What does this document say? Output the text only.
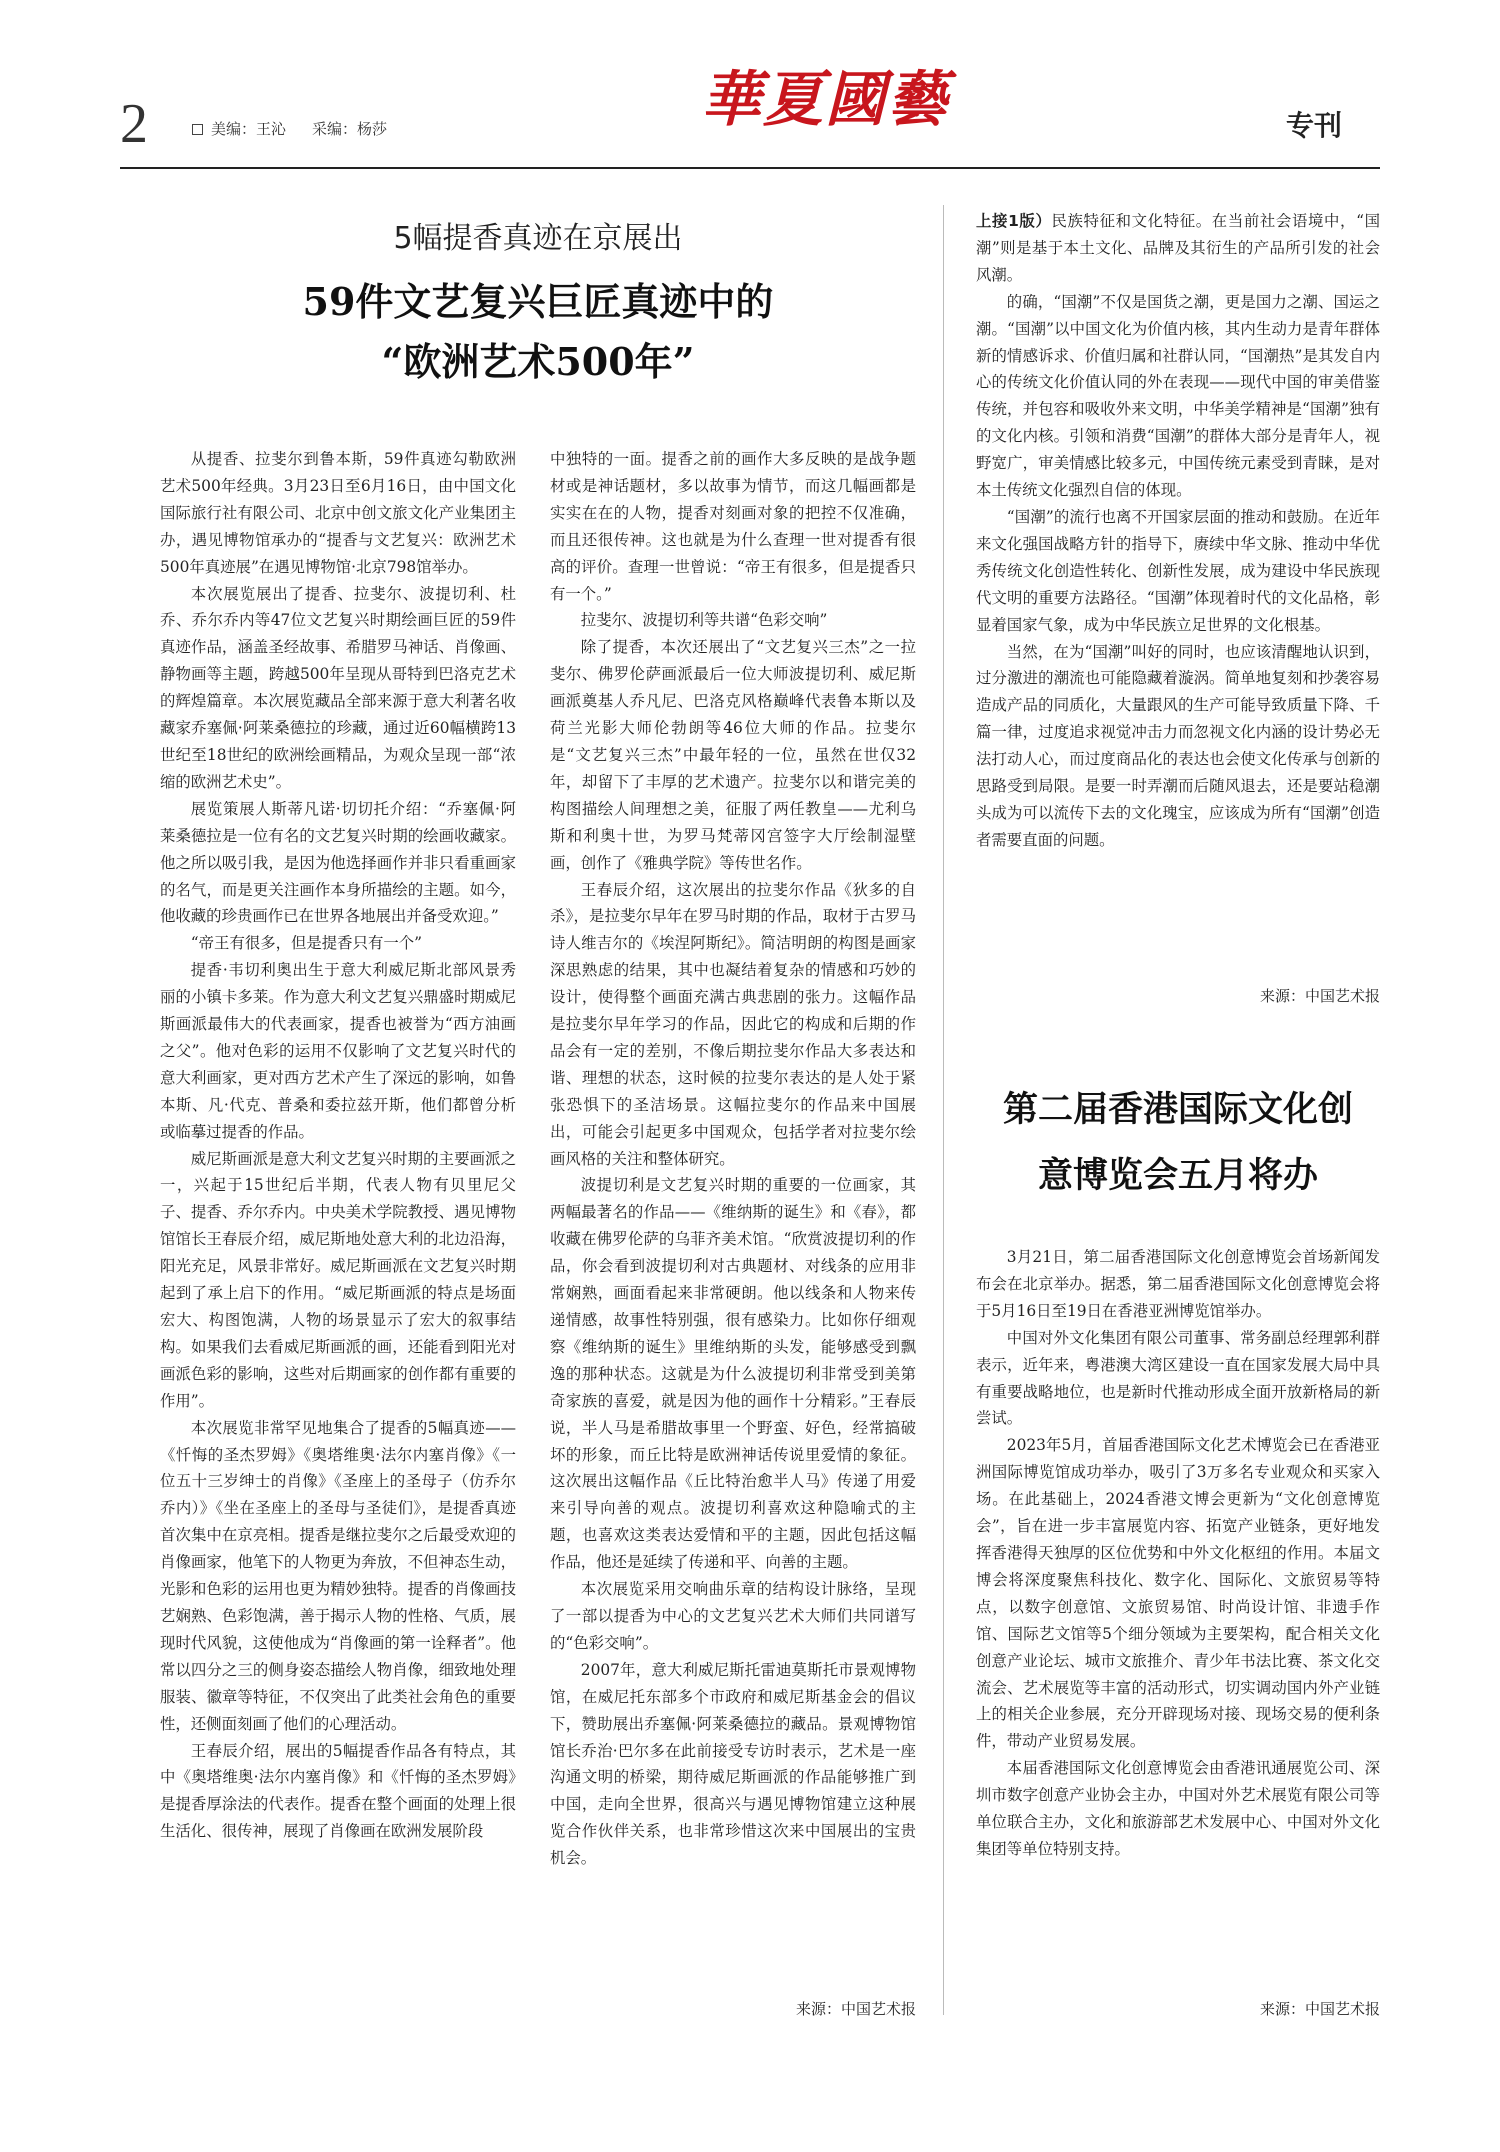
2	美编：王沁 采编：杨莎	華夏國藝	专刊
5幅提香真迹在京展出
59件文艺复兴巨匠真迹中的
“欧洲艺术500年”

从提香、拉斐尔到鲁本斯，59件真迹勾勒欧洲艺术500年经典。3月23日至6月16日，由中国文化国际旅行社有限公司、北京中创文旅文化产业集团主办，遇见博物馆承办的“提香与文艺复兴：欧洲艺术500年真迹展”在遇见博物馆·北京798馆举办。

本次展览展出了提香、拉斐尔、波提切利、杜乔、乔尔乔内等47位文艺复兴时期绘画巨匠的59件真迹作品，涵盖圣经故事、希腊罗马神话、肖像画、静物画等主题，跨越500年呈现从哥特到巴洛克艺术的辉煌篇章。本次展览藏品全部来源于意大利著名收藏家乔塞佩·阿莱桑德拉的珍藏，通过近60幅横跨13世纪至18世纪的欧洲绘画精品，为观众呈现一部“浓缩的欧洲艺术史”。

展览策展人斯蒂凡诺·切切托介绍：“乔塞佩·阿莱桑德拉是一位有名的文艺复兴时期的绘画收藏家。他之所以吸引我，是因为他选择画作并非只看重画家的名气，而是更关注画作本身所描绘的主题。如今，他收藏的珍贵画作已在世界各地展出并备受欢迎。”

“帝王有很多，但是提香只有一个”

提香·韦切利奥出生于意大利威尼斯北部风景秀丽的小镇卡多莱。作为意大利文艺复兴鼎盛时期威尼斯画派最伟大的代表画家，提香也被誉为“西方油画之父”。他对色彩的运用不仅影响了文艺复兴时代的意大利画家，更对西方艺术产生了深远的影响，如鲁本斯、凡·代克、普桑和委拉兹开斯，他们都曾分析或临摹过提香的作品。

威尼斯画派是意大利文艺复兴时期的主要画派之一，兴起于15世纪后半期，代表人物有贝里尼父子、提香、乔尔乔内。中央美术学院教授、遇见博物馆馆长王春辰介绍，威尼斯地处意大利的北边沿海，阳光充足，风景非常好。威尼斯画派在文艺复兴时期起到了承上启下的作用。“威尼斯画派的特点是场面宏大、构图饱满，人物的场景显示了宏大的叙事结构。如果我们去看威尼斯画派的画，还能看到阳光对画派色彩的影响，这些对后期画家的创作都有重要的作用”。

本次展览非常罕见地集合了提香的5幅真迹——《忏悔的圣杰罗姆》《奥塔维奥·法尔内塞肖像》《一位五十三岁绅士的肖像》《圣座上的圣母子（仿乔尔乔内）》《坐在圣座上的圣母与圣徒们》，是提香真迹首次集中在京亮相。提香是继拉斐尔之后最受欢迎的肖像画家，他笔下的人物更为奔放，不但神态生动，光影和色彩的运用也更为精妙独特。提香的肖像画技艺娴熟、色彩饱满，善于揭示人物的性格、气质，展现时代风貌，这使他成为“肖像画的第一诠释者”。他常以四分之三的侧身姿态描绘人物肖像，细致地处理服装、徽章等特征，不仅突出了此类社会角色的重要性，还侧面刻画了他们的心理活动。

王春辰介绍，展出的5幅提香作品各有特点，其中《奥塔维奥·法尔内塞肖像》和《忏悔的圣杰罗姆》是提香厚涂法的代表作。提香在整个画面的处理上很生活化、很传神，展现了肖像画在欧洲发展阶段

中独特的一面。提香之前的画作大多反映的是战争题材或是神话题材，多以故事为情节，而这几幅画都是实实在在的人物，提香对刻画对象的把控不仅准确，而且还很传神。这也就是为什么查理一世对提香有很高的评价。查理一世曾说：“帝王有很多，但是提香只有一个。”

拉斐尔、波提切利等共谱“色彩交响”

除了提香，本次还展出了“文艺复兴三杰”之一拉斐尔、佛罗伦萨画派最后一位大师波提切利、威尼斯画派奠基人乔凡尼、巴洛克风格巅峰代表鲁本斯以及荷兰光影大师伦勃朗等46位大师的作品。拉斐尔是“文艺复兴三杰”中最年轻的一位，虽然在世仅32年，却留下了丰厚的艺术遗产。拉斐尔以和谐完美的构图描绘人间理想之美，征服了两任教皇——尤利乌斯和利奥十世，为罗马梵蒂冈宫签字大厅绘制湿壁画，创作了《雅典学院》等传世名作。

王春辰介绍，这次展出的拉斐尔作品《狄多的自杀》，是拉斐尔早年在罗马时期的作品，取材于古罗马诗人维吉尔的《埃涅阿斯纪》。简洁明朗的构图是画家深思熟虑的结果，其中也凝结着复杂的情感和巧妙的设计，使得整个画面充满古典悲剧的张力。这幅作品是拉斐尔早年学习的作品，因此它的构成和后期的作品会有一定的差别，不像后期拉斐尔作品大多表达和谐、理想的状态，这时候的拉斐尔表达的是人处于紧张恐惧下的圣洁场景。这幅拉斐尔的作品来中国展出，可能会引起更多中国观众，包括学者对拉斐尔绘画风格的关注和整体研究。

波提切利是文艺复兴时期的重要的一位画家，其两幅最著名的作品——《维纳斯的诞生》和《春》，都收藏在佛罗伦萨的乌菲齐美术馆。“欣赏波提切利的作品，你会看到波提切利对古典题材、对线条的应用非常娴熟，画面看起来非常硬朗。他以线条和人物来传递情感，故事性特别强，很有感染力。比如你仔细观察《维纳斯的诞生》里维纳斯的头发，能够感受到飘逸的那种状态。这就是为什么波提切利非常受到美第奇家族的喜爱，就是因为他的画作十分精彩。”王春辰说，半人马是希腊故事里一个野蛮、好色，经常搞破坏的形象，而丘比特是欧洲神话传说里爱情的象征。这次展出这幅作品《丘比特治愈半人马》传递了用爱来引导向善的观点。波提切利喜欢这种隐喻式的主题，也喜欢这类表达爱情和平的主题，因此包括这幅作品，他还是延续了传递和平、向善的主题。

本次展览采用交响曲乐章的结构设计脉络，呈现了一部以提香为中心的文艺复兴艺术大师们共同谱写的“色彩交响”。

2007年，意大利威尼斯托雷迪莫斯托市景观博物馆，在威尼托东部多个市政府和威尼斯基金会的倡议下，赞助展出乔塞佩·阿莱桑德拉的藏品。景观博物馆馆长乔治·巴尔多在此前接受专访时表示，艺术是一座沟通文明的桥梁，期待威尼斯画派的作品能够推广到中国，走向全世界，很高兴与遇见博物馆建立这种展览合作伙伴关系，也非常珍惜这次来中国展出的宝贵机会。

来源：中国艺术报

上接1版）民族特征和文化特征。在当前社会语境中，“国潮”则是基于本土文化、品牌及其衍生的产品所引发的社会风潮。

的确，“国潮”不仅是国货之潮，更是国力之潮、国运之潮。“国潮”以中国文化为价值内核，其内生动力是青年群体新的情感诉求、价值归属和社群认同，“国潮热”是其发自内心的传统文化价值认同的外在表现——现代中国的审美借鉴传统，并包容和吸收外来文明，中华美学精神是“国潮”独有的文化内核。引领和消费“国潮”的群体大部分是青年人，视野宽广，审美情感比较多元，中国传统元素受到青睐，是对本土传统文化强烈自信的体现。

“国潮”的流行也离不开国家层面的推动和鼓励。在近年来文化强国战略方针的指导下，赓续中华文脉、推动中华优秀传统文化创造性转化、创新性发展，成为建设中华民族现代文明的重要方法路径。“国潮”体现着时代的文化品格，彰显着国家气象，成为中华民族立足世界的文化根基。

当然，在为“国潮”叫好的同时，也应该清醒地认识到，过分激进的潮流也可能隐藏着漩涡。简单地复刻和抄袭容易造成产品的同质化，大量跟风的生产可能导致质量下降、千篇一律，过度追求视觉冲击力而忽视文化内涵的设计势必无法打动人心，而过度商品化的表达也会使文化传承与创新的思路受到局限。是要一时弄潮而后随风退去，还是要站稳潮头成为可以流传下去的文化瑰宝，应该成为所有“国潮”创造者需要直面的问题。

来源：中国艺术报
第二届香港国际文化创
意博览会五月将办

3月21日，第二届香港国际文化创意博览会首场新闻发布会在北京举办。据悉，第二届香港国际文化创意博览会将于5月16日至19日在香港亚洲博览馆举办。

中国对外文化集团有限公司董事、常务副总经理郭利群表示，近年来，粤港澳大湾区建设一直在国家发展大局中具有重要战略地位，也是新时代推动形成全面开放新格局的新尝试。

2023年5月，首届香港国际文化艺术博览会已在香港亚洲国际博览馆成功举办，吸引了3万多名专业观众和买家入场。在此基础上，2024香港文博会更新为“文化创意博览会”，旨在进一步丰富展览内容、拓宽产业链条，更好地发挥香港得天独厚的区位优势和中外文化枢纽的作用。本届文博会将深度聚焦科技化、数字化、国际化、文旅贸易等特点，以数字创意馆、文旅贸易馆、时尚设计馆、非遗手作馆、国际艺文馆等5个细分领域为主要架构，配合相关文化创意产业论坛、城市文旅推介、青少年书法比赛、茶文化交流会、艺术展览等丰富的活动形式，切实调动国内外产业链上的相关企业参展，充分开辟现场对接、现场交易的便利条件，带动产业贸易发展。

本届香港国际文化创意博览会由香港讯通展览公司、深圳市数字创意产业协会主办，中国对外艺术展览有限公司等单位联合主办，文化和旅游部艺术发展中心、中国对外文化集团等单位特别支持。

来源：中国艺术报
